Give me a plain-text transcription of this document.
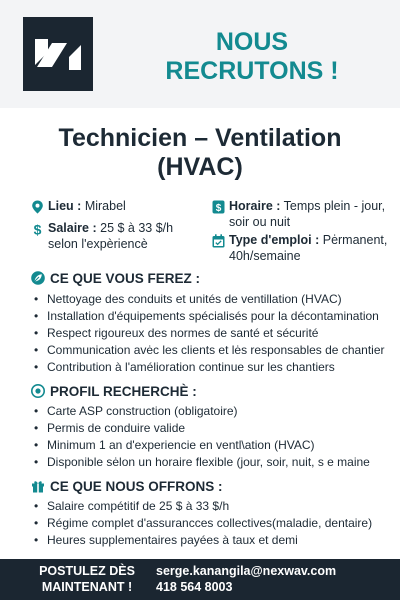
NOUS
RECRUTONS !
Technicien – Ventilation
(HVAC)
Lieu : Mirabel
$ Salaire : 25 $ à 33 $/h
selon l'expèriencè
$ Horaire : Temps plein - jour,
soir ou nuit
Type d'emploi : Pėrmanent,
40h/semaine
CE QUE VOUS FEREZ :
• Nettoyage des conduits et unités de ventillation (HVAC)
• Installation d'équipements spécialisés pour la décontamination
• Respect rigoureux des normes de santé et sécurité
• Communication avėc les clients et lės responsables de chantier
• Contribution à l'amélioration continue sur les chantiers
PROFIL RECHERCHÈ :
• Carte ASP construction (obligatoire)
• Permis de conduire valide
• Minimum 1 an d'experiencie en ventl\ation (HVAC)
• Disponible sėlon un horaire flexible (jour, soir, nuit, s e maine
CE QUE NOUS OFFRONS :
• Salaire compétitif de 25 $ à 33 $/h
• Régime complet d'assurancces collectives(maladie, dentaire)
• Heures supplementaires payées à taux et demi
POSTULEZ DÈS
MAINTENANT !
serge.kanangila@nexwav.com
418 564 8003
